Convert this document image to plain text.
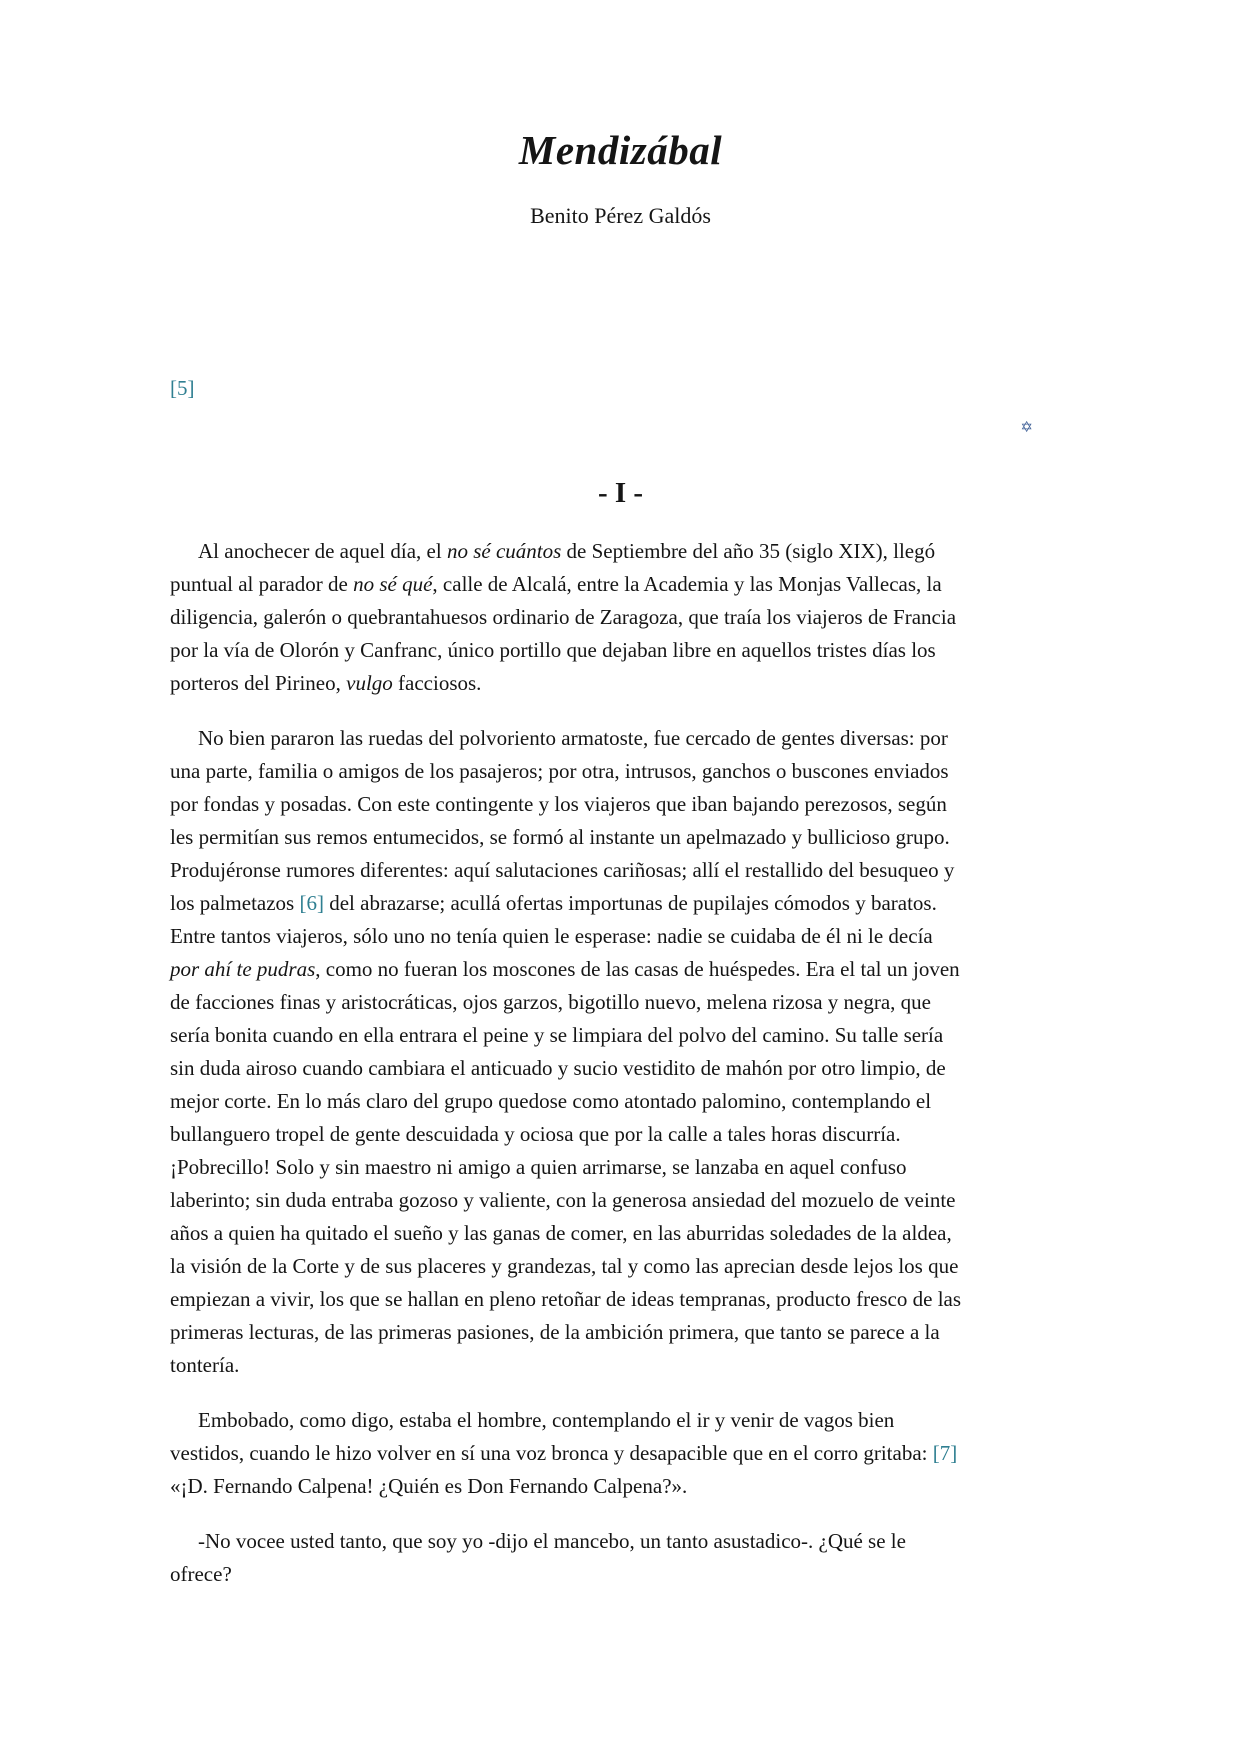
Mendizábal
Benito Pérez Galdós
[5]
✡
- I -

Al anochecer de aquel día, el no sé cuántos de Septiembre del año 35 (siglo XIX), llegó puntual al parador de no sé qué, calle de Alcalá, entre la Academia y las Monjas Vallecas, la diligencia, galerón o quebrantahuesos ordinario de Zaragoza, que traía los viajeros de Francia por la vía de Olorón y Canfranc, único portillo que dejaban libre en aquellos tristes días los porteros del Pirineo, vulgo facciosos.

No bien pararon las ruedas del polvoriento armatoste, fue cercado de gentes diversas: por una parte, familia o amigos de los pasajeros; por otra, intrusos, ganchos o buscones enviados por fondas y posadas. Con este contingente y los viajeros que iban bajando perezosos, según les permitían sus remos entumecidos, se formó al instante un apelmazado y bullicioso grupo. Produjéronse rumores diferentes: aquí salutaciones cariñosas; allí el restallido del besuqueo y los palmetazos [6] del abrazarse; acullá ofertas importunas de pupilajes cómodos y baratos. Entre tantos viajeros, sólo uno no tenía quien le esperase: nadie se cuidaba de él ni le decía por ahí te pudras, como no fueran los moscones de las casas de huéspedes. Era el tal un joven de facciones finas y aristocráticas, ojos garzos, bigotillo nuevo, melena rizosa y negra, que sería bonita cuando en ella entrara el peine y se limpiara del polvo del camino. Su talle sería sin duda airoso cuando cambiara el anticuado y sucio vestidito de mahón por otro limpio, de mejor corte. En lo más claro del grupo quedose como atontado palomino, contemplando el bullanguero tropel de gente descuidada y ociosa que por la calle a tales horas discurría. ¡Pobrecillo! Solo y sin maestro ni amigo a quien arrimarse, se lanzaba en aquel confuso laberinto; sin duda entraba gozoso y valiente, con la generosa ansiedad del mozuelo de veinte años a quien ha quitado el sueño y las ganas de comer, en las aburridas soledades de la aldea, la visión de la Corte y de sus placeres y grandezas, tal y como las aprecian desde lejos los que empiezan a vivir, los que se hallan en pleno retoñar de ideas tempranas, producto fresco de las primeras lecturas, de las primeras pasiones, de la ambición primera, que tanto se parece a la tontería.

Embobado, como digo, estaba el hombre, contemplando el ir y venir de vagos bien vestidos, cuando le hizo volver en sí una voz bronca y desapacible que en el corro gritaba: [7] «¡D. Fernando Calpena! ¿Quién es Don Fernando Calpena?».

-No vocee usted tanto, que soy yo -dijo el mancebo, un tanto asustadico-. ¿Qué se le ofrece?
